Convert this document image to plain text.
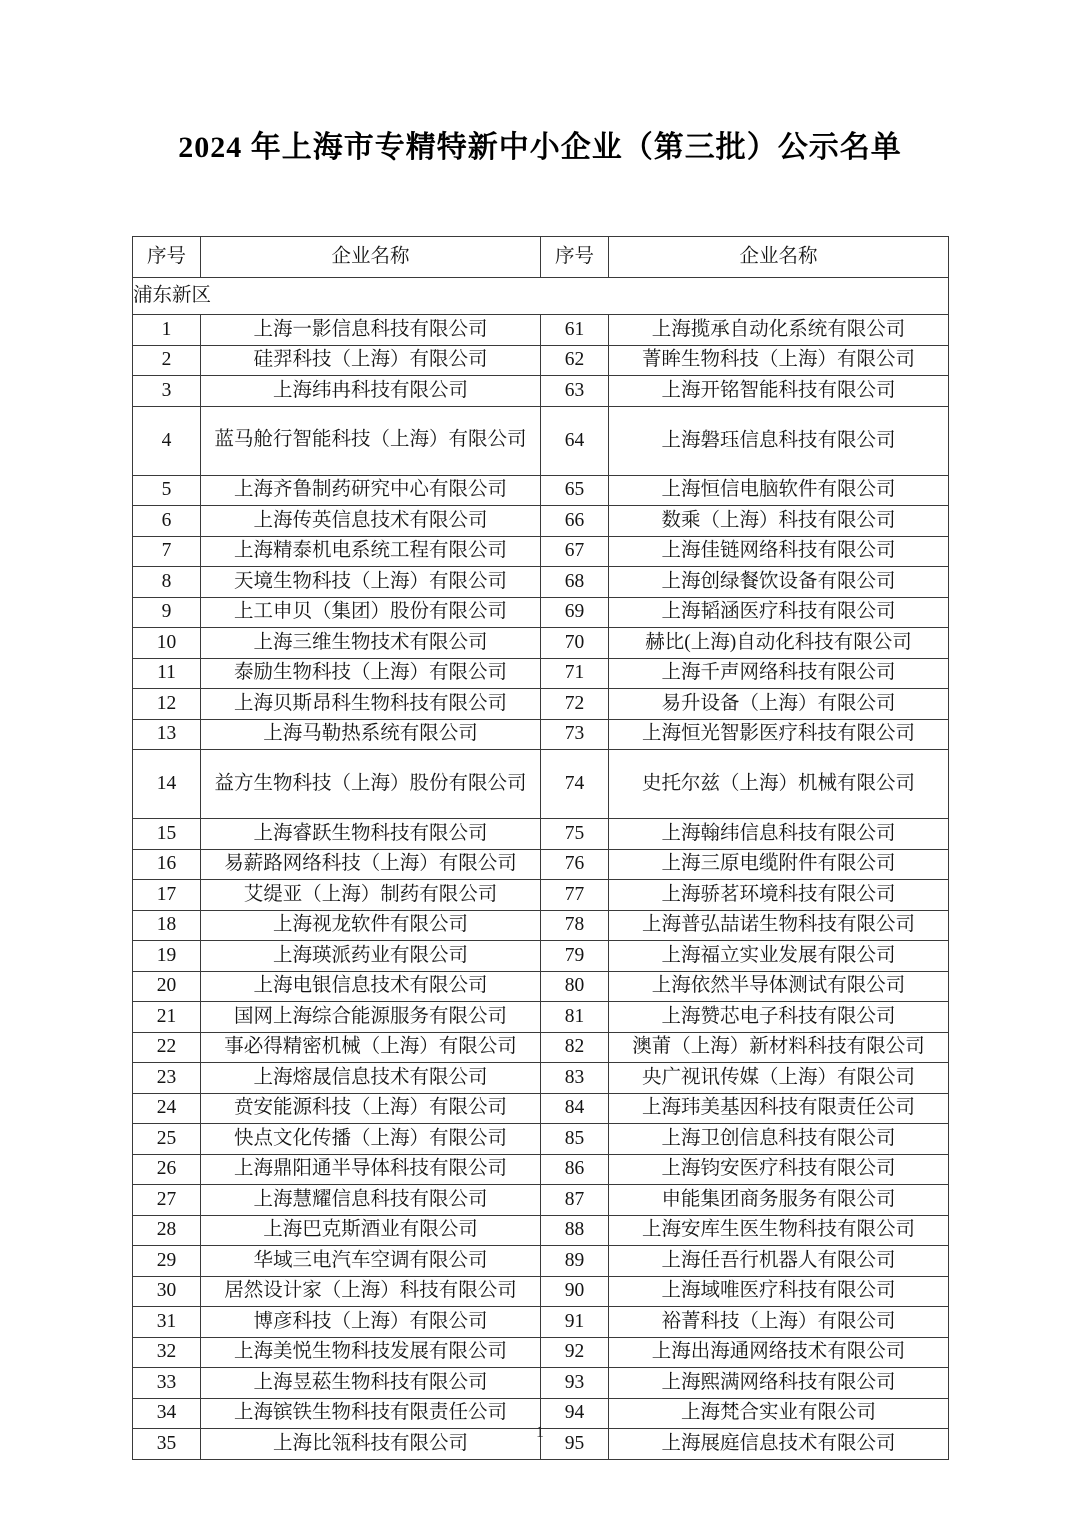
2024 年上海市专精特新中小企业（第三批）公示名单
序号	企业名称	序号	企业名称
浦东新区			
1	上海一影信息科技有限公司	61	上海揽承自动化系统有限公司
2	硅羿科技（上海）有限公司	62	菁眸生物科技（上海）有限公司
3	上海纬冉科技有限公司	63	上海开铭智能科技有限公司
4	蓝马舱行智能科技（上海）有限公司	64	上海磐珏信息科技有限公司
5	上海齐鲁制药研究中心有限公司	65	上海恒信电脑软件有限公司
6	上海传英信息技术有限公司	66	数乘（上海）科技有限公司
7	上海精泰机电系统工程有限公司	67	上海佳链网络科技有限公司
8	天境生物科技（上海）有限公司	68	上海创绿餐饮设备有限公司
9	上工申贝（集团）股份有限公司	69	上海韬涵医疗科技有限公司
10	上海三维生物技术有限公司	70	赫比(上海)自动化科技有限公司
11	泰励生物科技（上海）有限公司	71	上海千声网络科技有限公司
12	上海贝斯昂科生物科技有限公司	72	易升设备（上海）有限公司
13	上海马勒热系统有限公司	73	上海恒光智影医疗科技有限公司
14	益方生物科技（上海）股份有限公司	74	史托尔兹（上海）机械有限公司
15	上海睿跃生物科技有限公司	75	上海翰纬信息科技有限公司
16	易薪路网络科技（上海）有限公司	76	上海三原电缆附件有限公司
17	艾缇亚（上海）制药有限公司	77	上海骄茗环境科技有限公司
18	上海视龙软件有限公司	78	上海普弘喆诺生物科技有限公司
19	上海瑛派药业有限公司	79	上海福立实业发展有限公司
20	上海电银信息技术有限公司	80	上海依然半导体测试有限公司
21	国网上海综合能源服务有限公司	81	上海赞芯电子科技有限公司
22	事必得精密机械（上海）有限公司	82	澳莆（上海）新材料科技有限公司
23	上海熔晟信息技术有限公司	83	央广视讯传媒（上海）有限公司
24	贲安能源科技（上海）有限公司	84	上海玮美基因科技有限责任公司
25	快点文化传播（上海）有限公司	85	上海卫创信息科技有限公司
26	上海鼎阳通半导体科技有限公司	86	上海钧安医疗科技有限公司
27	上海慧耀信息科技有限公司	87	申能集团商务服务有限公司
28	上海巴克斯酒业有限公司	88	上海安库生医生物科技有限公司
29	华域三电汽车空调有限公司	89	上海任吾行机器人有限公司
30	居然设计家（上海）科技有限公司	90	上海域唯医疗科技有限公司
31	博彦科技（上海）有限公司	91	裕菁科技（上海）有限公司
32	上海美悦生物科技发展有限公司	92	上海出海通网络技术有限公司
33	上海昱菘生物科技有限公司	93	上海熙满网络科技有限公司
34	上海镔铁生物科技有限责任公司	94	上海梵合实业有限公司
35	上海比瓴科技有限公司	95	上海展庭信息技术有限公司
1
